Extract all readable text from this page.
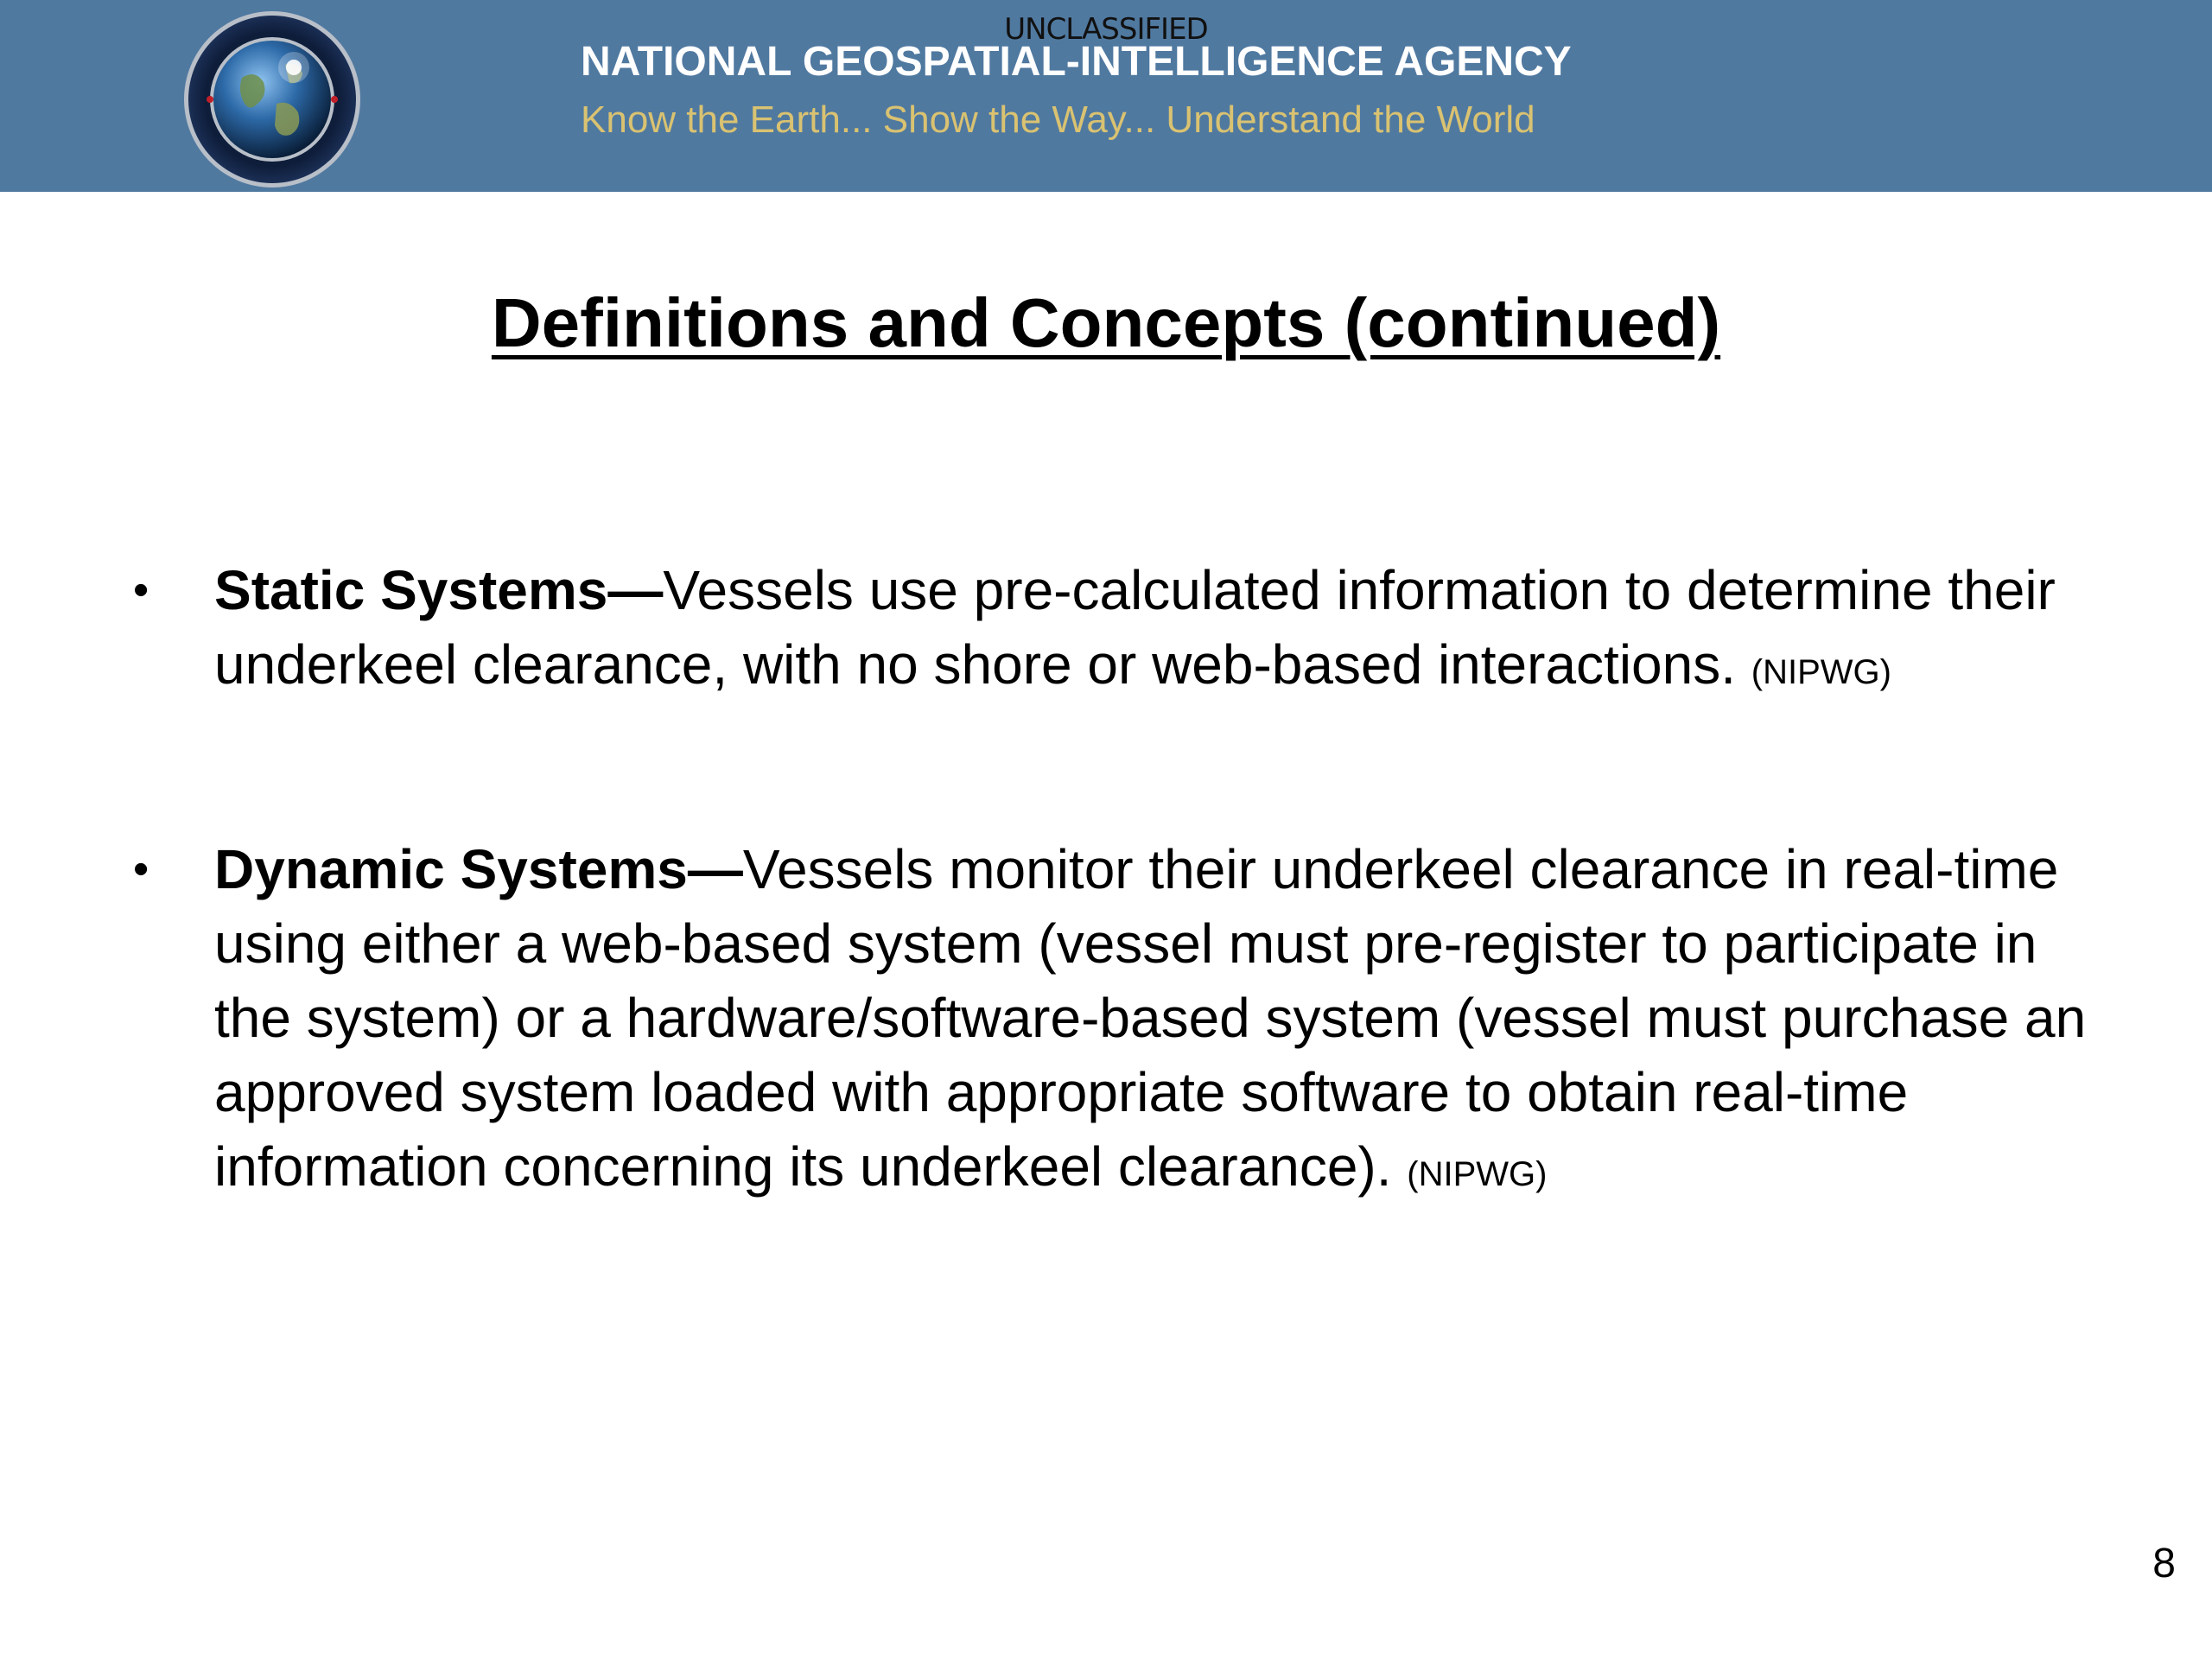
UNCLASSIFIED
NATIONAL GEOSPATIAL-INTELLIGENCE AGENCY
Know the Earth... Show the Way... Understand the World
Definitions and Concepts (continued)
• Static Systems—Vessels use pre-calculated information to determine their underkeel clearance, with no shore or web-based interactions. (NIPWG)
• Dynamic Systems—Vessels monitor their underkeel clearance in real-time using either a web-based system (vessel must pre-register to participate in the system) or a hardware/software-based system (vessel must purchase an approved system loaded with appropriate software to obtain real-time information concerning its underkeel clearance). (NIPWG)
8
